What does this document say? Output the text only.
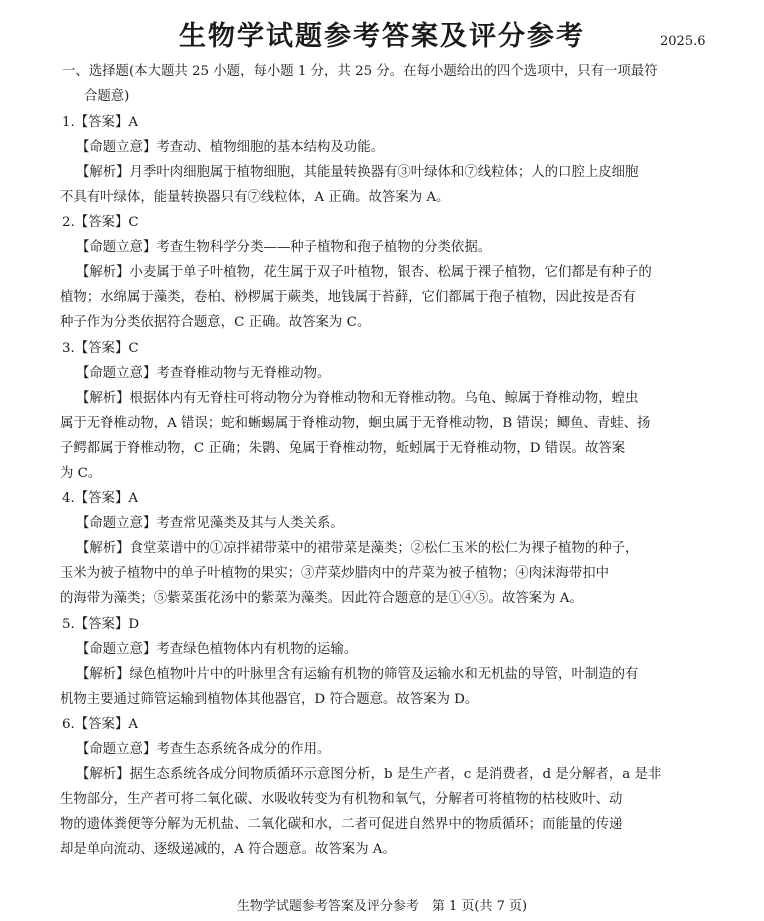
生物学试题参考答案及评分参考	2025.6
一、选择题(本大题共 25 小题，每小题 1 分，共 25 分。在每小题给出的四个选项中，只有一项最符
合题意)
1.【答案】A
【命题立意】考查动、植物细胞的基本结构及功能。
【解析】月季叶肉细胞属于植物细胞，其能量转换器有③叶绿体和⑦线粒体；人的口腔上皮细胞
不具有叶绿体，能量转换器只有⑦线粒体，A 正确。故答案为 A。
2.【答案】C
【命题立意】考查生物科学分类——种子植物和孢子植物的分类依据。
【解析】小麦属于单子叶植物，花生属于双子叶植物，银杏、松属于裸子植物，它们都是有种子的
植物；水绵属于藻类，卷柏、桫椤属于蕨类，地钱属于苔藓，它们都属于孢子植物，因此按是否有
种子作为分类依据符合题意，C 正确。故答案为 C。
3.【答案】C
【命题立意】考查脊椎动物与无脊椎动物。
【解析】根据体内有无脊柱可将动物分为脊椎动物和无脊椎动物。乌龟、鲸属于脊椎动物，蝗虫
属于无脊椎动物，A 错误；蛇和蜥蜴属于脊椎动物，蛔虫属于无脊椎动物，B 错误；鲫鱼、青蛙、扬
子鳄都属于脊椎动物，C 正确；朱鹮、兔属于脊椎动物，蚯蚓属于无脊椎动物，D 错误。故答案
为 C。
4.【答案】A
【命题立意】考查常见藻类及其与人类关系。
【解析】食堂菜谱中的①凉拌裙带菜中的裙带菜是藻类；②松仁玉米的松仁为裸子植物的种子，
玉米为被子植物中的单子叶植物的果实；③芹菜炒腊肉中的芹菜为被子植物；④肉沫海带扣中
的海带为藻类；⑤紫菜蛋花汤中的紫菜为藻类。因此符合题意的是①④⑤。故答案为 A。
5.【答案】D
【命题立意】考查绿色植物体内有机物的运输。
【解析】绿色植物叶片中的叶脉里含有运输有机物的筛管及运输水和无机盐的导管，叶制造的有
机物主要通过筛管运输到植物体其他器官，D 符合题意。故答案为 D。
6.【答案】A
【命题立意】考查生态系统各成分的作用。
【解析】据生态系统各成分间物质循环示意图分析，b 是生产者，c 是消费者，d 是分解者，a 是非
生物部分，生产者可将二氧化碳、水吸收转变为有机物和氧气，分解者可将植物的枯枝败叶、动
物的遗体粪便等分解为无机盐、二氧化碳和水，二者可促进自然界中的物质循环；而能量的传递
却是单向流动、逐级递减的，A 符合题意。故答案为 A。
生物学试题参考答案及评分参考　第 1 页(共 7 页)
